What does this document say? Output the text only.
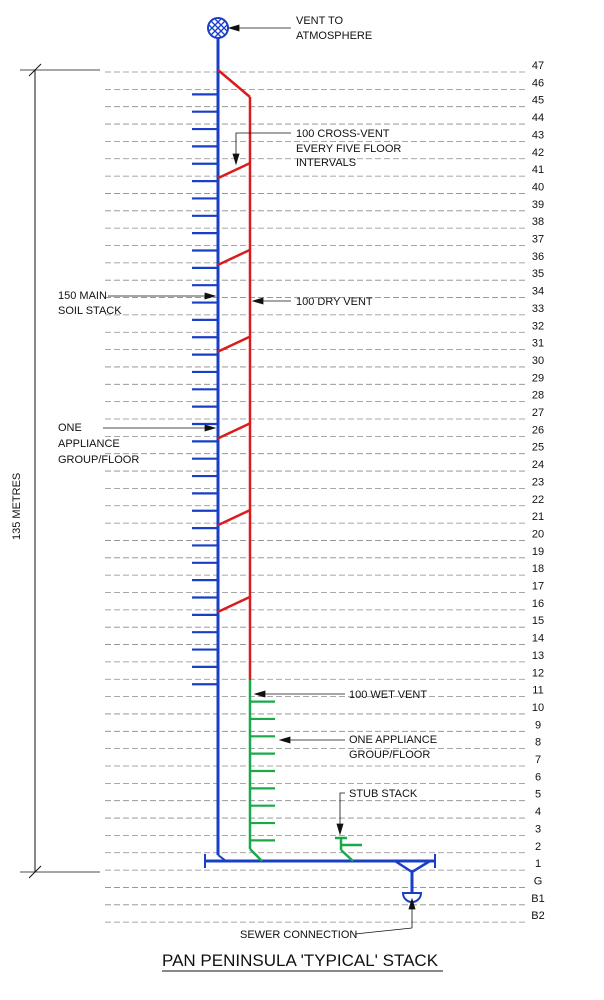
47
46
45
44
43
42
41
40
39
38
37
36
35
34
33
32
31
30
29
28
27
26
25
24
23
22
21
20
19
18
17
16
15
14
13
12
11
10
9
8
7
6
5
4
3
2
1
G
B1
B2
135 METRES
VENT TO
ATMOSPHERE
100 CROSS-VENT
EVERY FIVE FLOOR
INTERVALS
150 MAIN
SOIL STACK
100 DRY VENT
ONE
APPLIANCE
GROUP/FLOOR
100 WET VENT
ONE APPLIANCE
GROUP/FLOOR
STUB STACK
SEWER CONNECTION
PAN PENINSULA 'TYPICAL' STACK
